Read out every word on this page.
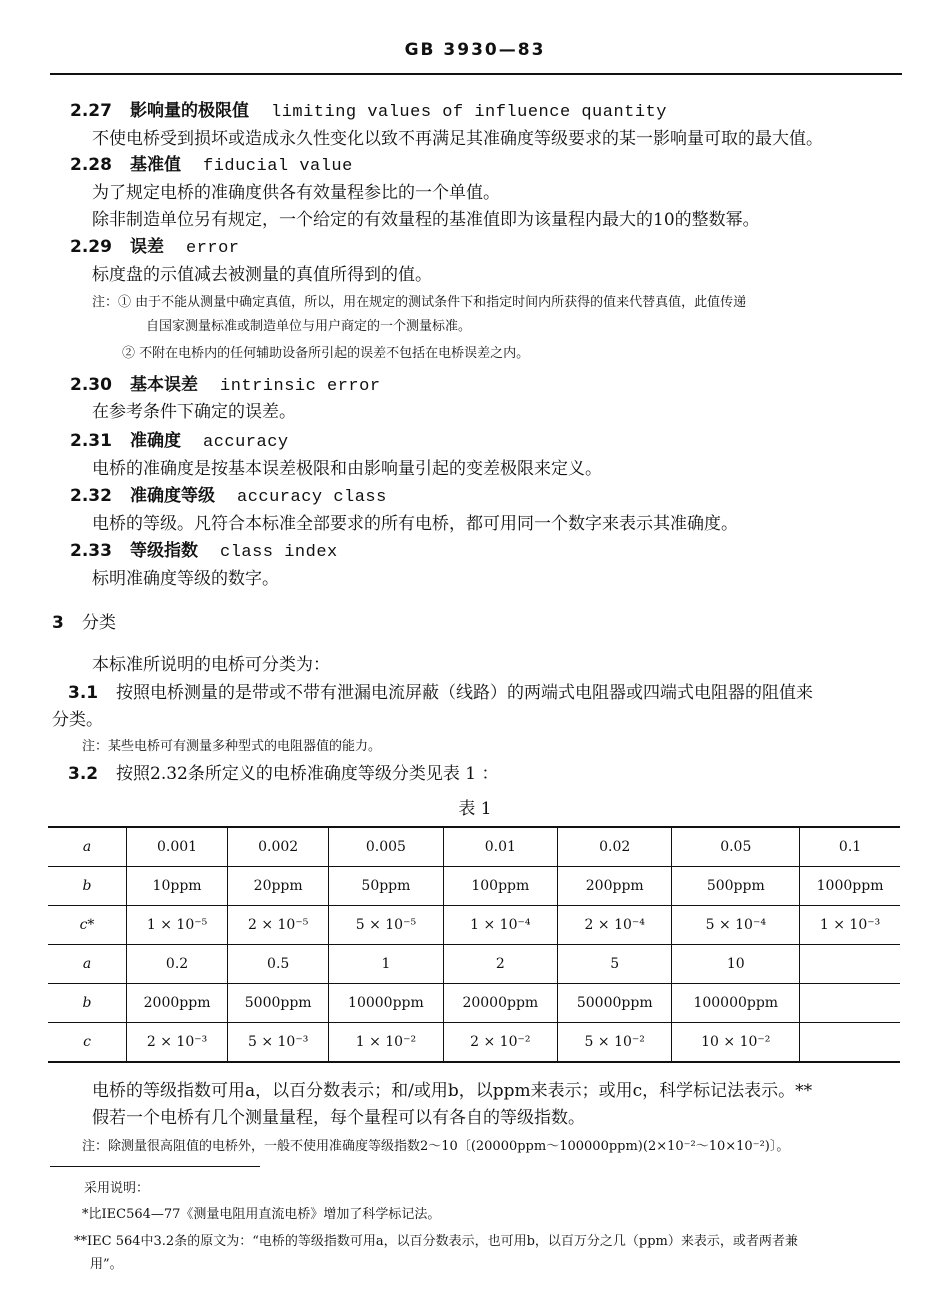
GB 3930—83
2.27 影响量的极限值 limiting values of influence quantity
不使电桥受到损坏或造成永久性变化以致不再满足其准确度等级要求的某一影响量可取的最大值。
2.28 基准值 fiducial value
为了规定电桥的准确度供各有效量程参比的一个单值。
除非制造单位另有规定，一个给定的有效量程的基准值即为该量程内最大的10的整数幂。
2.29 误差 error
标度盘的示值减去被测量的真值所得到的值。
注：① 由于不能从测量中确定真值，所以，用在规定的测试条件下和指定时间内所获得的值来代替真值，此值传递
自国家测量标准或制造单位与用户商定的一个测量标准。
② 不附在电桥内的任何辅助设备所引起的误差不包括在电桥误差之内。
2.30 基本误差 intrinsic error
在参考条件下确定的误差。
2.31 准确度 accuracy
电桥的准确度是按基本误差极限和由影响量引起的变差极限来定义。
2.32 准确度等级 accuracy class
电桥的等级。凡符合本标准全部要求的所有电桥，都可用同一个数字来表示其准确度。
2.33 等级指数 class index
标明准确度等级的数字。
3 分类
本标准所说明的电桥可分类为：
3.1 按照电桥测量的是带或不带有泄漏电流屏蔽（线路）的两端式电阻器或四端式电阻器的阻值来
分类。
注：某些电桥可有测量多种型式的电阻器值的能力。
3.2 按照2.32条所定义的电桥准确度等级分类见表 1 ：
表 1
a	0.001	0.002	0.005	0.01	0.02	0.05	0.1
b	10ppm	20ppm	50ppm	100ppm	200ppm	500ppm	1000ppm
c*	1 × 10⁻⁵	2 × 10⁻⁵	5 × 10⁻⁵	1 × 10⁻⁴	2 × 10⁻⁴	5 × 10⁻⁴	1 × 10⁻³
a	0.2	0.5	1	2	5	10	
b	2000ppm	5000ppm	10000ppm	20000ppm	50000ppm	100000ppm	
c	2 × 10⁻³	5 × 10⁻³	1 × 10⁻²	2 × 10⁻²	5 × 10⁻²	10 × 10⁻²	
电桥的等级指数可用a，以百分数表示；和/或用b，以ppm来表示；或用c，科学标记法表示。**
假若一个电桥有几个测量量程，每个量程可以有各自的等级指数。
注：除测量很高阻值的电桥外，一般不使用准确度等级指数2～10〔(20000ppm～100000ppm)(2×10⁻²～10×10⁻²)〕。
采用说明：
*比IEC564—77《测量电阻用直流电桥》增加了科学标记法。
**IEC 564中3.2条的原文为：“电桥的等级指数可用a，以百分数表示，也可用b，以百万分之几（ppm）来表示，或者两者兼
用”。
